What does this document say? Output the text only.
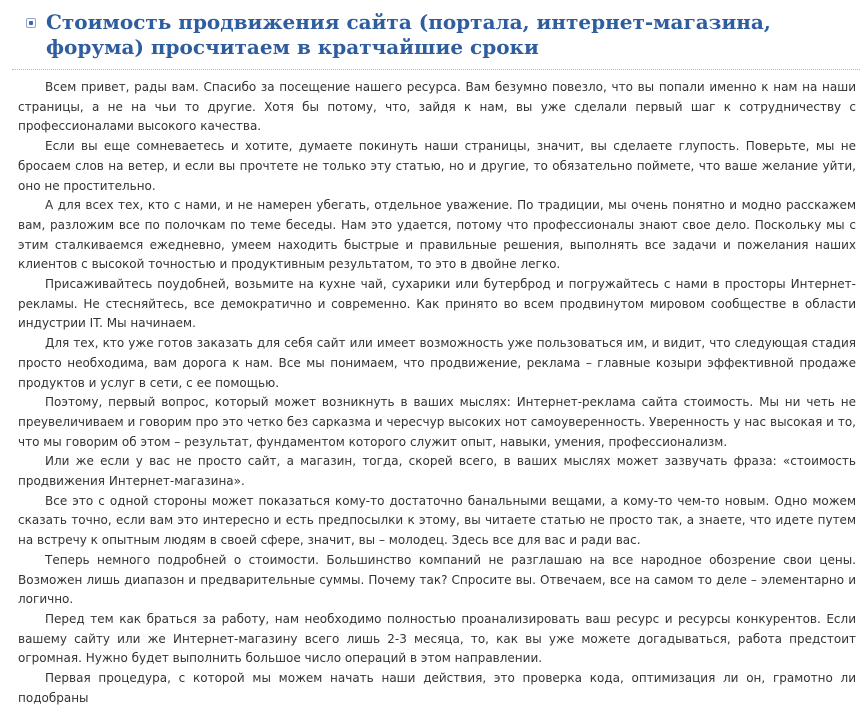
Стоимость продвижения сайта (портала, интернет-магазина, форума) просчитаем в кратчайшие сроки

Всем привет, рады вам. Спасибо за посещение нашего ресурса. Вам безумно повезло, что вы попали именно к нам на наши страницы, а не на чьи то другие. Хотя бы потому, что, зайдя к нам, вы уже сделали первый шаг к сотрудничеству с профессионалами высокого качества.

Если вы еще сомневаетесь и хотите, думаете покинуть наши страницы, значит, вы сделаете глупость. Поверьте, мы не бросаем слов на ветер, и если вы прочтете не только эту статью, но и другие, то обязательно поймете, что ваше желание уйти, оно не простительно.

А для всех тех, кто с нами, и не намерен убегать, отдельное уважение. По традиции, мы очень понятно и модно расскажем вам, разложим все по полочкам по теме беседы. Нам это удается, потому что профессионалы знают свое дело. Поскольку мы с этим сталкиваемся ежедневно, умеем находить быстрые и правильные решения, выполнять все задачи и пожелания наших клиентов с высокой точностью и продуктивным результатом, то это в двойне легко.

Присаживайтесь поудобней, возьмите на кухне чай, сухарики или бутерброд и погружайтесь с нами в просторы Интернет-рекламы. Не стесняйтесь, все демократично и современно. Как принято во всем продвинутом мировом сообществе в области индустрии IT. Мы начинаем.

Для тех, кто уже готов заказать для себя сайт или имеет возможность уже пользоваться им, и видит, что следующая стадия просто необходима, вам дорога к нам. Все мы понимаем, что продвижение, реклама – главные козыри эффективной продаже продуктов и услуг в сети, с ее помощью.

Поэтому, первый вопрос, который может возникнуть в ваших мыслях: Интернет-реклама сайта стоимость. Мы ни четь не преувеличиваем и говорим про это четко без сарказма и чересчур высоких нот самоуверенность. Уверенность у нас высокая и то, что мы говорим об этом – результат, фундаментом которого служит опыт, навыки, умения, профессионализм.

Или же если у вас не просто сайт, а магазин, тогда, скорей всего, в ваших мыслях может зазвучать фраза: «стоимость продвижения Интернет-магазина».

Все это с одной стороны может показаться кому-то достаточно банальными вещами, а кому-то чем-то новым. Одно можем сказать точно, если вам это интересно и есть предпосылки к этому, вы читаете статью не просто так, а знаете, что идете путем на встречу к опытным людям в своей сфере, значит, вы – молодец. Здесь все для вас и ради вас.

Теперь немного подробней о стоимости. Большинство компаний не разглашаю на все народное обозрение свои цены. Возможен лишь диапазон и предварительные суммы. Почему так? Спросите вы. Отвечаем, все на самом то деле – элементарно и логично.

Перед тем как браться за работу, нам необходимо полностью проанализировать ваш ресурс и ресурсы конкурентов. Если вашему сайту или же Интернет-магазину всего лишь 2-3 месяца, то, как вы уже можете догадываться, работа предстоит огромная. Нужно будет выполнить большое число операций в этом направлении.

Первая процедура, с которой мы можем начать наши действия, это проверка кода, оптимизация ли он, грамотно ли подобраны
